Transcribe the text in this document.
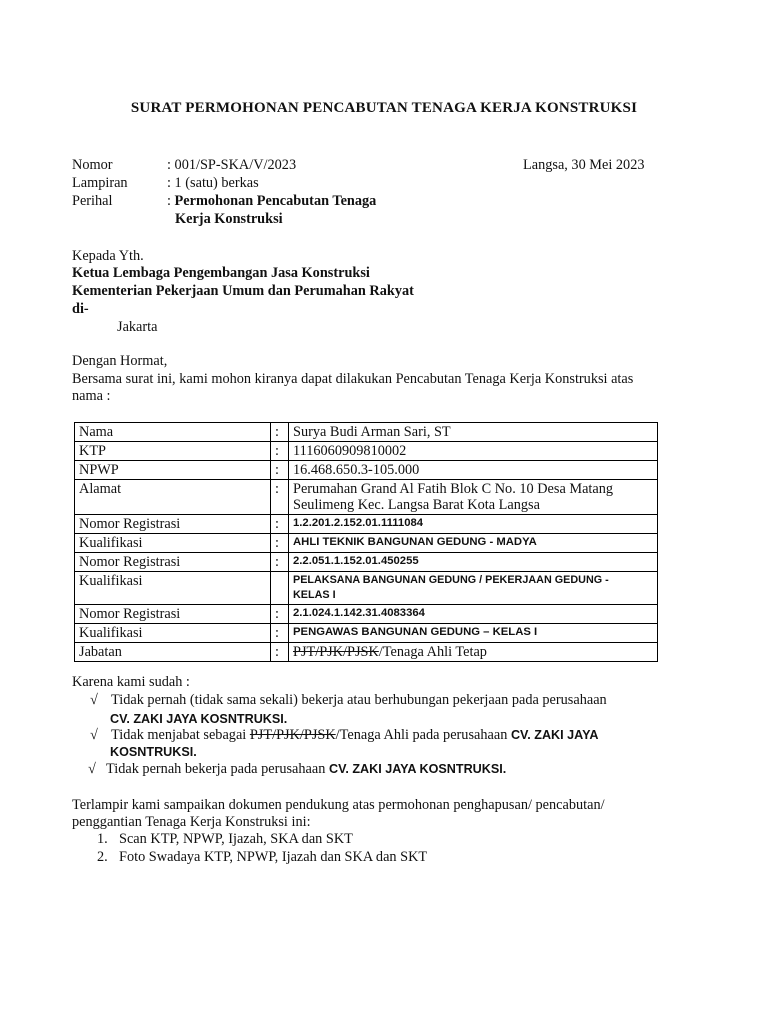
SURAT PERMOHONAN PENCABUTAN TENAGA KERJA KONSTRUKSI
Nomor	: 001/SP-SKA/V/2023	Langsa, 30 Mei 2023
Lampiran	: 1 (satu) berkas
Perihal	: Permohonan Pencabutan Tenaga
Kerja Konstruksi
Kepada Yth.
Ketua Lembaga Pengembangan Jasa Konstruksi
Kementerian Pekerjaan Umum dan Perumahan Rakyat
di-
Jakarta
Dengan Hormat,
Bersama surat ini, kami mohon kiranya dapat dilakukan Pencabutan Tenaga Kerja Konstruksi atas
nama :
Nama	:	Surya Budi Arman Sari, ST
KTP	:	1116060909810002
NPWP	:	16.468.650.3-105.000
Alamat	:	Perumahan Grand Al Fatih Blok C No. 10 Desa Matang
Seulimeng Kec. Langsa Barat Kota Langsa
Nomor Registrasi	:	1.2.201.2.152.01.1111084
Kualifikasi	:	AHLI TEKNIK BANGUNAN GEDUNG - MADYA
Nomor Registrasi	:	2.2.051.1.152.01.450255
Kualifikasi		PELAKSANA BANGUNAN GEDUNG / PEKERJAAN GEDUNG -
KELAS I
Nomor Registrasi	:	2.1.024.1.142.31.4083364
Kualifikasi	:	PENGAWAS BANGUNAN GEDUNG – KELAS I
Jabatan	:	PJT/PJK/PJSK/Tenaga Ahli Tetap
Karena kami sudah :
√ Tidak pernah (tidak sama sekali) bekerja atau berhubungan pekerjaan pada perusahaan
CV. ZAKI JAYA KOSNTRUKSI.
√ Tidak menjabat sebagai PJT/PJK/PJSK/Tenaga Ahli pada perusahaan CV. ZAKI JAYA
KOSNTRUKSI.
√ Tidak pernah bekerja pada perusahaan CV. ZAKI JAYA KOSNTRUKSI.
Terlampir kami sampaikan dokumen pendukung atas permohonan penghapusan/ pencabutan/
penggantian Tenaga Kerja Konstruksi ini:
1. Scan KTP, NPWP, Ijazah, SKA dan SKT
2. Foto Swadaya KTP, NPWP, Ijazah dan SKA dan SKT
